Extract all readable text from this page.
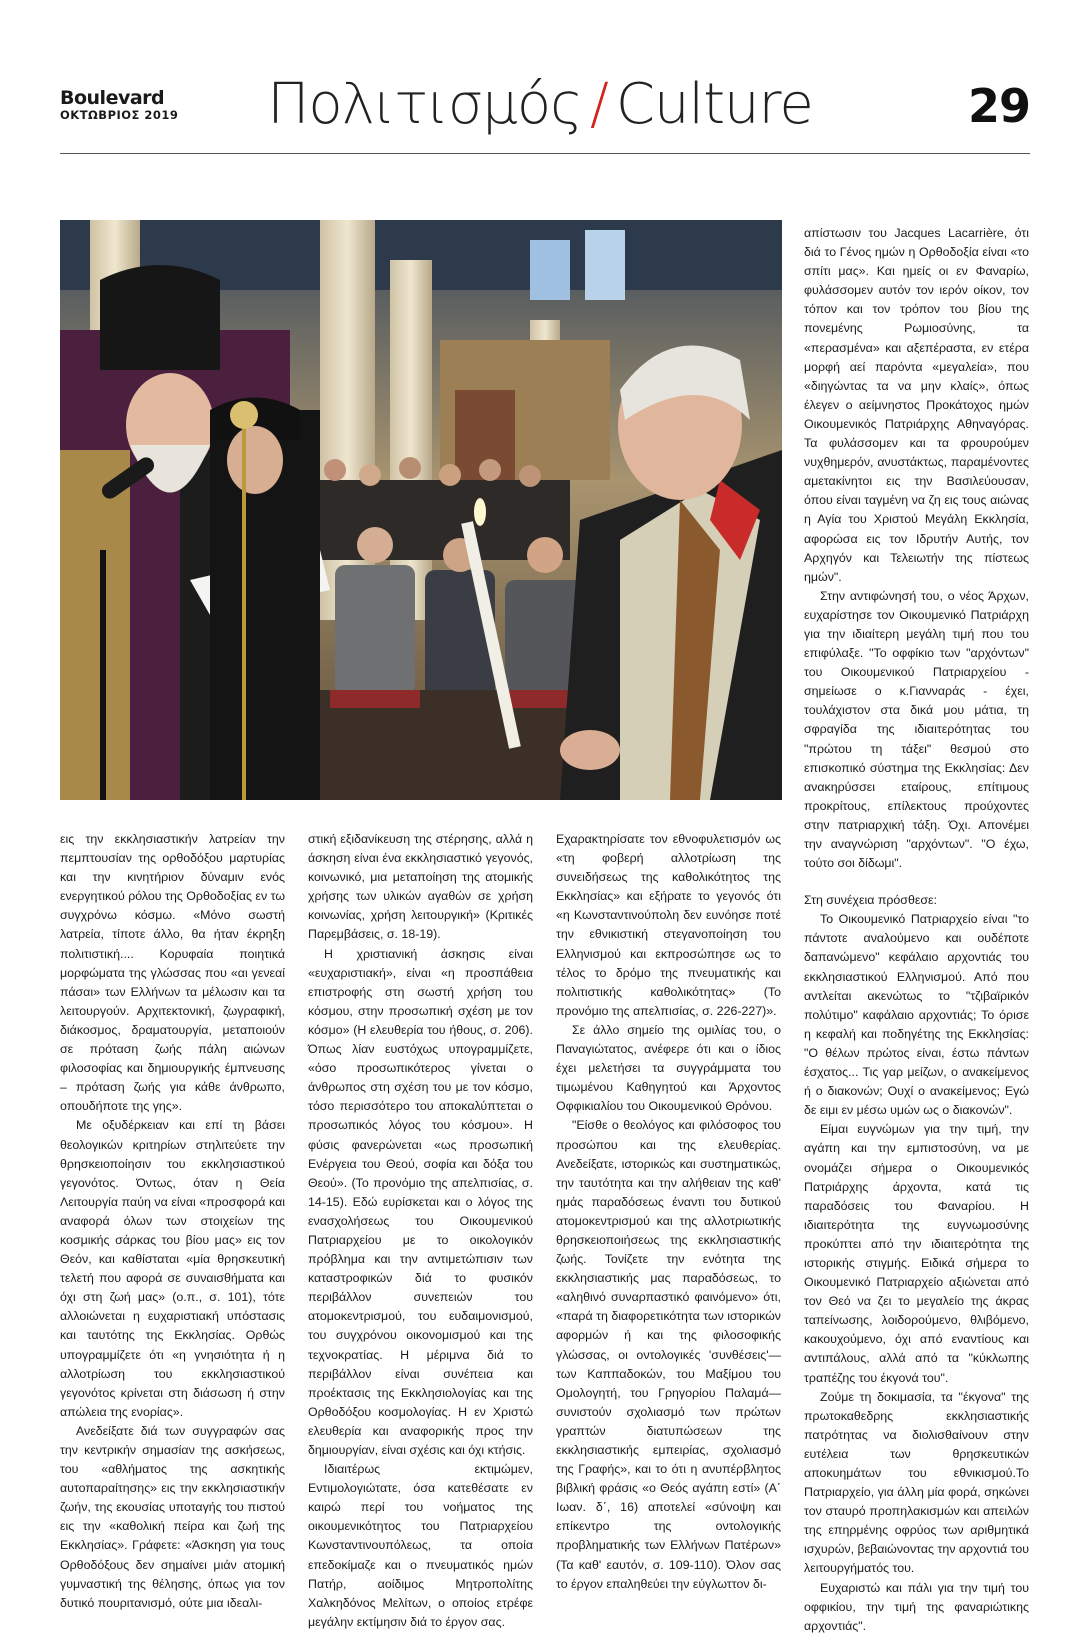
Boulevard
ΟΚΤΩΒΡΙΟΣ 2019	Πολιτισμός / Culture	29

εις την εκκλησιαστικήν λατρείαν την πεμπτουσίαν της ορθοδόξου μαρτυρίας και την κινητήριον δύναμιν ενός ενεργητικού ρόλου της Ορθοδοξίας εν τω συγχρόνω κόσμω. «Μόνο σωστή λατρεία, τίποτε άλλο, θα ήταν έκρηξη πολιτιστική.... Κορυφαία ποιητικά μορφώματα της γλώσσας που «αι γενεαί πάσαι» των Ελλήνων τα μέλωσιν και τα λειτουργούν. Αρχιτεκτονική, ζωγραφική, διάκοσμος, δραματουργία, μεταποιούν σε πρόταση ζωής πάλη αιώνων φιλοσοφίας και δημιουργικής έμπνευσης – πρόταση ζωής για κάθε άνθρωπο, οπουδήποτε της γης».

Με οξυδέρκειαν και επί τη βάσει θεολογικών κριτηρίων στηλιτεύετε την θρησκειοποίησιν του εκκλησιαστικού γεγονότος. Όντως, όταν η Θεία Λειτουργία παύη να είναι «προσφορά και αναφορά όλων των στοιχείων της κοσμικής σάρκας του βίου μας» εις τον Θεόν, και καθίσταται «μία θρησκευτική τελετή που αφορά σε συναισθήματα και όχι στη ζωή μας» (ο.π., σ. 101), τότε αλλοιώνεται η ευχαριστιακή υπόστασις και ταυτότης της Εκκλησίας. Ορθώς υπογραμμίζετε ότι «η γνησιότητα ή η αλλοτρίωση του εκκλησιαστικού γεγονότος κρίνεται στη διάσωση ή στην απώλεια της ενορίας».

Ανεδείξατε διά των συγγραφών σας την κεντρικήν σημασίαν της ασκήσεως, του «αθλήματος της ασκητικής αυτοπαραίτησης» εις την εκκλησιαστικήν ζωήν, της εκουσίας υποταγής του πιστού εις την «καθολική πείρα και ζωή της Εκκλησίας». Γράφετε: «Άσκηση για τους Ορθοδόξους δεν σημαίνει μιάν ατομική γυμναστική της θέλησης, όπως για τον δυτικό πουριτανισμό, ούτε μια ιδεαλι-

στική εξιδανίκευση της στέρησης, αλλά η άσκηση είναι ένα εκκλησιαστικό γεγονός, κοινωνικό, μια μεταποίηση της ατομικής χρήσης των υλικών αγαθών σε χρήση κοινωνίας, χρήση λειτουργική» (Κριτικές Παρεμβάσεις, σ. 18-19).

Η χριστιανική άσκησις είναι «ευχαριστιακή», είναι «η προσπάθεια επιστροφής στη σωστή χρήση του κόσμου, στην προσωπική σχέση με τον κόσμο» (Η ελευθερία του ήθους, σ. 206). Όπως λίαν ευστόχως υπογραμμίζετε, «όσο προσωπικότερος γίνεται ο άνθρωπος στη σχέση του με τον κόσμο, τόσο περισσότερο του αποκαλύπτεται ο προσωπικός λόγος του κόσμου». Η φύσις φανερώνεται «ως προσωπική Ενέργεια του Θεού, σοφία και δόξα του Θεού». (Το προνόμιο της απελπισίας, σ. 14-15). Εδώ ευρίσκεται και ο λόγος της ενασχολήσεως του Οικουμενικού Πατριαρχείου με το οικολογικόν πρόβλημα και την αντιμετώπισιν των καταστροφικών διά το φυσικόν περιβάλλον συνεπειών του ατομοκεντρισμού, του ευδαιμονισμού, του συγχρόνου οικονομισμού και της τεχνοκρατίας. Η μέριμνα διά το περιβάλλον είναι συνέπεια και προέκτασις της Εκκλησιολογίας και της Ορθοδόξου κοσμολογίας. Η εν Χριστώ ελευθερία και αναφορικής προς την δημιουργίαν, είναι σχέσις και όχι κτήσις.

Ιδιαιτέρως εκτιμώμεν, Εντιμολογιώτατε, όσα κατεθέσατε εν καιρώ περί του νοήματος της οικουμενικότητος του Πατριαρχείου Κωνσταντινουπόλεως, τα οποία επεδοκίμαζε και ο πνευματικός ημών Πατήρ, αοίδιμος Μητροπολίτης Χαλκηδόνος Μελίτων, ο οποίος ετρέφε μεγάλην εκτίμησιν διά το έργον σας.

Εχαρακτηρίσατε τον εθνοφυλετισμόν ως «τη φοβερή αλλοτρίωση της συνειδήσεως της καθολικότητος της Εκκλησίας» και εξήρατε το γεγονός ότι «η Κωνσταντινούπολη δεν ευνόησε ποτέ την εθνικιστική στεγανοποίηση του Ελληνισμού και εκπροσώπησε ως το τέλος το δρόμο της πνευματικής και πολιτιστικής καθολικότητας» (Το προνόμιο της απελπισίας, σ. 226-227)».

Σε άλλο σημείο της ομιλίας του, ο Παναγιώτατος, ανέφερε ότι και ο ίδιος έχει μελετήσει τα συγγράμματα του τιμωμένου Καθηγητού και Άρχοντος Οφφικιαλίου του Οικουμενικού Θρόνου.

"Είσθε ο θεολόγος και φιλόσοφος του προσώπου και της ελευθερίας. Ανεδείξατε, ιστορικώς και συστηματικώς, την ταυτότητα και την αλήθειαν της καθ' ημάς παραδόσεως έναντι του δυτικού ατομοκεντρισμού και της αλλοτριωτικής θρησκειοποιήσεως της εκκλησιαστικής ζωής. Τονίζετε την ενότητα της εκκλησιαστικής μας παραδόσεως, το «αληθινό συναρπαστικό φαινόμενο» ότι, «παρά τη διαφορετικότητα των ιστορικών αφορμών ή και της φιλοσοφικής γλώσσας, οι οντολογικές 'συνθέσεις'—των Καππαδοκών, του Μαξίμου του Ομολογητή, του Γρηγορίου Παλαμά—συνιστούν σχολιασμό των πρώτων γραπτών διατυπώσεων της εκκλησιαστικής εμπειρίας, σχολιασμό της Γραφής», και το ότι η ανυπέρβλητος βιβλική φράσις «ο Θεός αγάπη εστί» (Α΄ Ιωαν. δ΄, 16) αποτελεί «σύνοψη και επίκεντρο της οντολογικής προβληματικής των Ελλήνων Πατέρων» (Τα καθ' εαυτόν, σ. 109-110). Όλον σας το έργον επαληθεύει την εύγλωττον δι-

απίστωσιν του Jacques Lacarrière, ότι διά το Γένος ημών η Ορθοδοξία είναι «το σπίτι μας». Και ημείς οι εν Φαναρίω, φυλάσσομεν αυτόν τον ιερόν οίκον, τον τόπον και τον τρόπον του βίου της πονεμένης Ρωμιοσύνης, τα «περασμένα» και αξεπέραστα, εν ετέρα μορφή αεί παρόντα «μεγαλεία», που «διηγώντας τα να μην κλαίς», όπως έλεγεν ο αείμνηστος Προκάτοχος ημών Οικουμενικός Πατριάρχης Αθηναγόρας. Τα φυλάσσομεν και τα φρουρούμεν νυχθημερόν, ανυστάκτως, παραμένοντες αμετακίνητοι εις την Βασιλεύουσαν, όπου είναι ταγμένη να ζη εις τους αιώνας η Αγία του Χριστού Μεγάλη Εκκλησία, αφορώσα εις τον Ιδρυτήν Αυτής, τον Αρχηγόν και Τελειωτήν της πίστεως ημών".

Στην αντιφώνησή του, ο νέος Άρχων, ευχαρίστησε τον Οικουμενικό Πατριάρχη για την ιδιαίτερη μεγάλη τιμή που του επιφύλαξε. "Το οφφίκιο των "αρχόντων" του Οικουμενικού Πατριαρχείου - σημείωσε ο κ.Γιανναράς - έχει, τουλάχιστον στα δικά μου μάτια, τη σφραγίδα της ιδιαιτερότητας του "πρώτου τη τάξει" θεσμού στο επισκοπικό σύστημα της Εκκλησίας: Δεν ανακηρύσσει εταίρους, επίτιμους προκρίτους, επίλεκτους προύχοντες στην πατριαρχική τάξη. Όχι. Απονέμει την αναγνώριση "αρχόντων". "Ο έχω, τούτο σοι δίδωμι".

Στη συνέχεια πρόσθεσε:

Το Οικουμενικό Πατριαρχείο είναι "το πάντοτε αναλούμενο και ουδέποτε δαπανώμενο" κεφάλαιο αρχοντιάς του εκκλησιαστικού Ελληνισμού. Από που αντλείται ακενώτως το "τζιβαϊρικόν πολύτιμο" καφάλαιο αρχοντιάς; Το όρισε η κεφαλή και ποδηγέτης της Εκκλησίας: "Ο θέλων πρώτος είναι, έστω πάντων έσχατος... Τις γαρ μείζων, ο ανακείμενος ή ο διακονών; Ουχί ο ανακείμενος; Εγώ δε ειμι εν μέσω υμών ως ο διακονών".

Είμαι ευγνώμων για την τιμή, την αγάπη και την εμπιστοσύνη, να με ονομάζει σήμερα ο Οικουμενικός Πατριάρχης άρχοντα, κατά τις παραδόσεις του Φαναρίου. Η ιδιαιτερότητα της ευγνωμοσύνης προκύπτει από την ιδιαιτερότητα της ιστορικής στιγμής. Ειδικά σήμερα το Οικουμενικό Πατριαρχείο αξιώνεται από τον Θεό να ζει το μεγαλείο της άκρας ταπείνωσης, λοιδορούμενο, θλιβόμενο, κακουχούμενο, όχι από εναντίους και αντιπάλους, αλλά από τα "κύκλωπης τραπέζης του έκγονά του".

Ζούμε τη δοκιμασία, τα "έκγονα" της πρωτοκαθεδρης εκκλησιαστικής πατρότητας να διολισθαίνουν στην ευτέλεια των θρησκευτικών αποκυημάτων του εθνικισμού.Το Πατριαρχείο, για άλλη μία φορά, σηκώνει τον σταυρό προπηλακισμών και απειλών της επηρμένης οφρύος των αριθμητικά ισχυρών, βεβαιώνοντας την αρχοντιά του λειτουργήματός του.

Ευχαριστώ και πάλι για την τιμή του οφφικίου, την τιμή της φαναριώτικης αρχοντιάς".
